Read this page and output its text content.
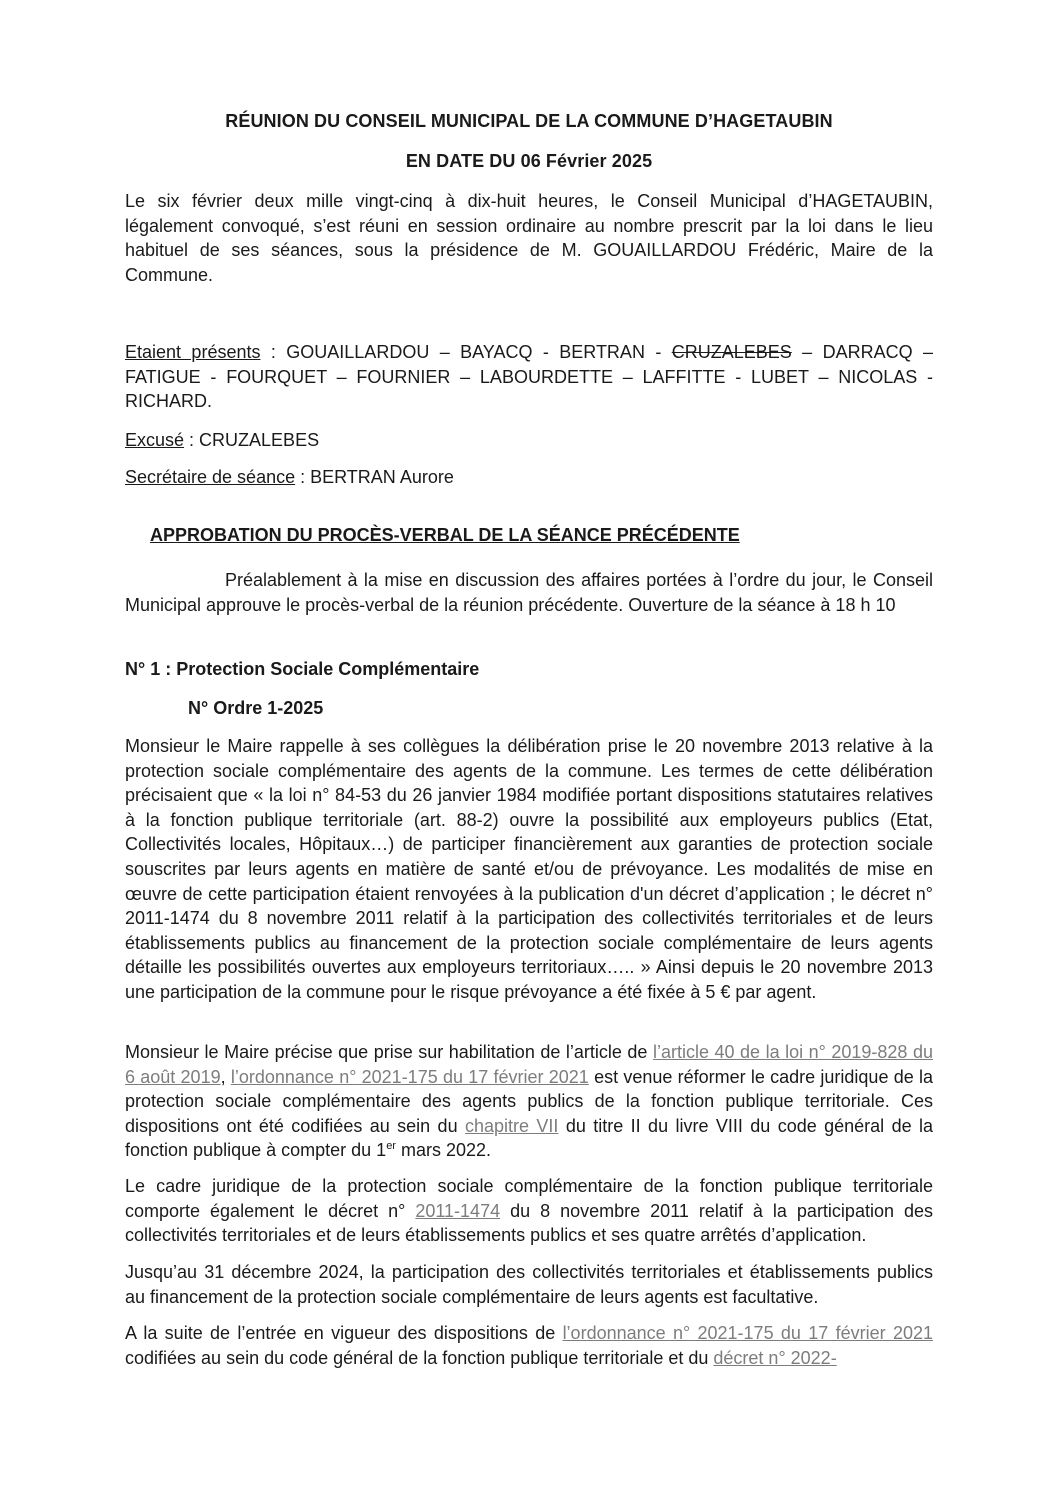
RÉUNION DU CONSEIL MUNICIPAL DE LA COMMUNE D’HAGETAUBIN
EN DATE DU 06 Février 2025
Le six février deux mille vingt-cinq à dix-huit heures, le Conseil Municipal d’HAGETAUBIN, légalement convoqué, s’est réuni en session ordinaire au nombre prescrit par la loi dans le lieu habituel de ses séances, sous la présidence de M. GOUAILLARDOU Frédéric, Maire de la Commune.
Etaient présents : GOUAILLARDOU – BAYACQ - BERTRAN - CRUZALEBES – DARRACQ – FATIGUE - FOURQUET – FOURNIER – LABOURDETTE – LAFFITTE - LUBET – NICOLAS - RICHARD.
Excusé : CRUZALEBES
Secrétaire de séance : BERTRAN Aurore
APPROBATION DU PROCÈS-VERBAL DE LA SÉANCE PRÉCÉDENTE
Préalablement à la mise en discussion des affaires portées à l’ordre du jour, le Conseil Municipal approuve le procès-verbal de la réunion précédente. Ouverture de la séance à 18 h 10
N° 1 : Protection Sociale Complémentaire
N° Ordre 1-2025
Monsieur le Maire rappelle à ses collègues la délibération prise le 20 novembre 2013 relative à la protection sociale complémentaire des agents de la commune. Les termes de cette délibération précisaient que « la loi n° 84-53 du 26 janvier 1984 modifiée portant dispositions statutaires relatives à la fonction publique territoriale (art. 88-2) ouvre la possibilité aux employeurs publics (Etat, Collectivités locales, Hôpitaux…) de participer financièrement aux garanties de protection sociale souscrites par leurs agents en matière de santé et/ou de prévoyance. Les modalités de mise en œuvre de cette participation étaient renvoyées à la publication d'un décret d’application ; le décret n° 2011-1474 du 8 novembre 2011 relatif à la participation des collectivités territoriales et de leurs établissements publics au financement de la protection sociale complémentaire de leurs agents détaille les possibilités ouvertes aux employeurs territoriaux….. » Ainsi depuis le 20 novembre 2013 une participation de la commune pour le risque prévoyance a été fixée à 5 € par agent.
Monsieur le Maire précise que prise sur habilitation de l’article de l’article 40 de la loi n° 2019-828 du 6 août 2019, l’ordonnance n° 2021-175 du 17 février 2021 est venue réformer le cadre juridique de la protection sociale complémentaire des agents publics de la fonction publique territoriale. Ces dispositions ont été codifiées au sein du chapitre VII du titre II du livre VIII du code général de la fonction publique à compter du 1er mars 2022.
Le cadre juridique de la protection sociale complémentaire de la fonction publique territoriale comporte également le décret n° 2011-1474 du 8 novembre 2011 relatif à la participation des collectivités territoriales et de leurs établissements publics et ses quatre arrêtés d’application.
Jusqu’au 31 décembre 2024, la participation des collectivités territoriales et établissements publics au financement de la protection sociale complémentaire de leurs agents est facultative.
A la suite de l’entrée en vigueur des dispositions de l’ordonnance n° 2021-175 du 17 février 2021 codifiées au sein du code général de la fonction publique territoriale et du décret n° 2022-
